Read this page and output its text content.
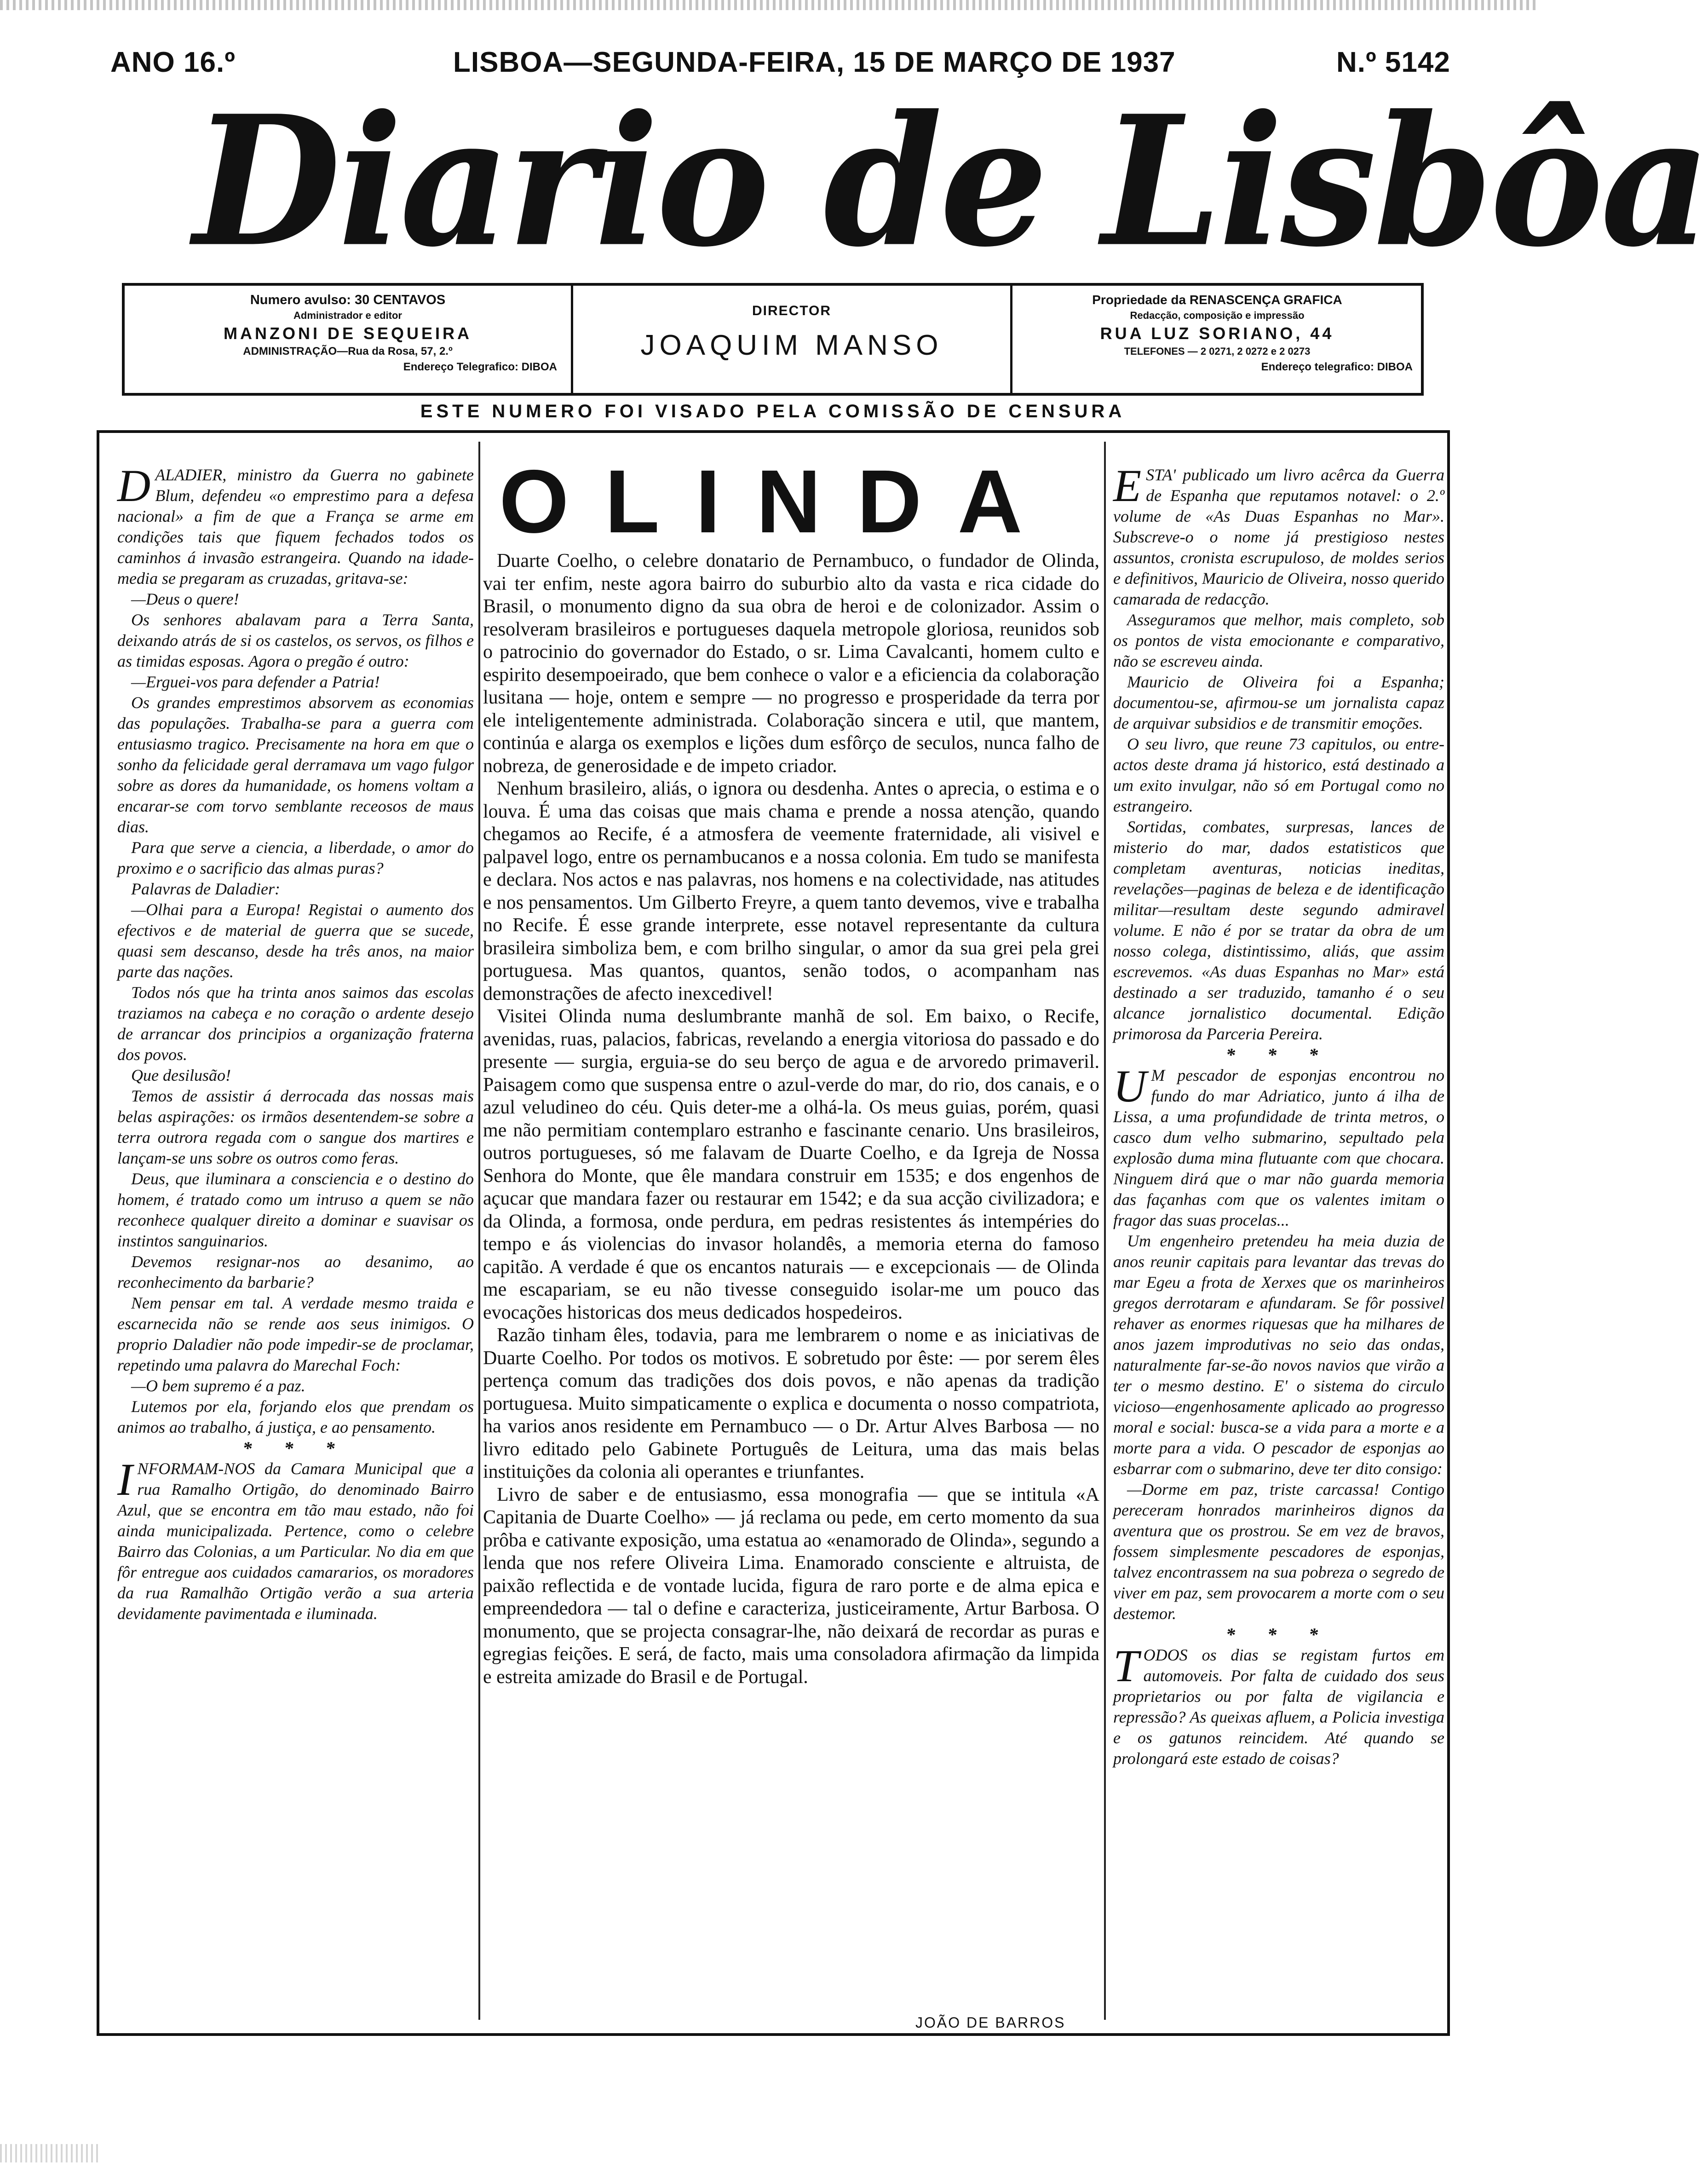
ANO 16.º	LISBOA—SEGUNDA-FEIRA, 15 DE MARÇO DE 1937	N.º 5142
Diario de Lisbôa
Numero avulso: 30 CENTAVOS
Administrador e editor
MANZONI DE SEQUEIRA
ADMINISTRAÇÃO—Rua da Rosa, 57, 2.º
Endereço Telegrafico: DIBOA
DIRECTOR
JOAQUIM MANSO
Propriedade da RENASCENÇA GRAFICA
Redacção, composição e impressão
RUA LUZ SORIANO, 44
TELEFONES — 2 0271, 2 0272 e 2 0273
Endereço telegrafico: DIBOA
ESTE NUMERO FOI VISADO PELA COMISSÃO DE CENSURA

DALADIER, ministro da Guerra no gabinete Blum, defendeu «o emprestimo para a defesa nacional» a fim de que a França se arme em condições tais que fiquem fechados todos os caminhos á invasão estrangeira. Quando na idade-media se pregaram as cruzadas, gritava-se:

—Deus o quere!

Os senhores abalavam para a Terra Santa, deixando atrás de si os castelos, os servos, os filhos e as timidas esposas. Agora o pregão é outro:

—Erguei-vos para defender a Patria!

Os grandes emprestimos absorvem as economias das populações. Trabalha-se para a guerra com entusiasmo tragico. Precisamente na hora em que o sonho da felicidade geral derramava um vago fulgor sobre as dores da humanidade, os homens voltam a encarar-se com torvo semblante receosos de maus dias.

Para que serve a ciencia, a liberdade, o amor do proximo e o sacrificio das almas puras?

Palavras de Daladier:

—Olhai para a Europa! Registai o aumento dos efectivos e de material de guerra que se sucede, quasi sem descanso, desde ha três anos, na maior parte das nações.

Todos nós que ha trinta anos saimos das escolas traziamos na cabeça e no coração o ardente desejo de arrancar dos principios a organização fraterna dos povos.

Que desilusão!

Temos de assistir á derrocada das nossas mais belas aspirações: os irmãos desentendem-se sobre a terra outrora regada com o sangue dos martires e lançam-se uns sobre os outros como feras.

Deus, que iluminara a consciencia e o destino do homem, é tratado como um intruso a quem se não reconhece qualquer direito a dominar e suavisar os instintos sanguinarios.

Devemos resignar-nos ao desanimo, ao reconhecimento da barbarie?

Nem pensar em tal. A verdade mesmo traida e escarnecida não se rende aos seus inimigos. O proprio Daladier não pode impedir-se de proclamar, repetindo uma palavra do Marechal Foch:

—O bem supremo é a paz.

Lutemos por ela, forjando elos que prendam os animos ao trabalho, á justiça, e ao pensamento.

* * *

INFORMAM-NOS da Camara Municipal que a rua Ramalho Ortigão, do denominado Bairro Azul, que se encontra em tão mau estado, não foi ainda municipalizada. Pertence, como o celebre Bairro das Colonias, a um Particular. No dia em que fôr entregue aos cuidados camararios, os moradores da rua Ramalhão Ortigão verão a sua arteria devidamente pavimentada e iluminada.

OLINDA

Duarte Coelho, o celebre donatario de Pernambuco, o fundador de Olinda, vai ter enfim, neste agora bairro do suburbio alto da vasta e rica cidade do Brasil, o monumento digno da sua obra de heroi e de colonizador. Assim o resolveram brasileiros e portugueses daquela metropole gloriosa, reunidos sob o patrocinio do governador do Estado, o sr. Lima Cavalcanti, homem culto e espirito desempoeirado, que bem conhece o valor e a eficiencia da colaboração lusitana — hoje, ontem e sempre — no progresso e prosperidade da terra por ele inteligentemente administrada. Colaboração sincera e util, que mantem, continúa e alarga os exemplos e lições dum esfôrço de seculos, nunca falho de nobreza, de generosidade e de impeto criador.

Nenhum brasileiro, aliás, o ignora ou desdenha. Antes o aprecia, o estima e o louva. É uma das coisas que mais chama e prende a nossa atenção, quando chegamos ao Recife, é a atmosfera de veemente fraternidade, ali visivel e palpavel logo, entre os pernambucanos e a nossa colonia. Em tudo se manifesta e declara. Nos actos e nas palavras, nos homens e na colectividade, nas atitudes e nos pensamentos. Um Gilberto Freyre, a quem tanto devemos, vive e trabalha no Recife. É esse grande interprete, esse notavel representante da cultura brasileira simboliza bem, e com brilho singular, o amor da sua grei pela grei portuguesa. Mas quantos, quantos, senão todos, o acompanham nas demonstrações de afecto inexcedivel!

Visitei Olinda numa deslumbrante manhã de sol. Em baixo, o Recife, avenidas, ruas, palacios, fabricas, revelando a energia vitoriosa do passado e do presente — surgia, erguia-se do seu berço de agua e de arvoredo primaveril. Paisagem como que suspensa entre o azul-verde do mar, do rio, dos canais, e o azul veludineo do céu. Quis deter-me a olhá-la. Os meus guias, porém, quasi me não permitiam contemplaro estranho e fascinante cenario. Uns brasileiros, outros portugueses, só me falavam de Duarte Coelho, e da Igreja de Nossa Senhora do Monte, que êle mandara construir em 1535; e dos engenhos de açucar que mandara fazer ou restaurar em 1542; e da sua acção civilizadora; e da Olinda, a formosa, onde perdura, em pedras resistentes ás intempéries do tempo e ás violencias do invasor holandês, a memoria eterna do famoso capitão. A verdade é que os encantos naturais — e excepcionais — de Olinda me escapariam, se eu não tivesse conseguido isolar-me um pouco das evocações historicas dos meus dedicados hospedeiros.

Razão tinham êles, todavia, para me lembrarem o nome e as iniciativas de Duarte Coelho. Por todos os motivos. E sobretudo por êste: — por serem êles pertença comum das tradições dos dois povos, e não apenas da tradição portuguesa. Muito simpaticamente o explica e documenta o nosso compatriota, ha varios anos residente em Pernambuco — o Dr. Artur Alves Barbosa — no livro editado pelo Gabinete Português de Leitura, uma das mais belas instituições da colonia ali operantes e triunfantes.

Livro de saber e de entusiasmo, essa monografia — que se intitula «A Capitania de Duarte Coelho» — já reclama ou pede, em certo momento da sua prôba e cativante exposição, uma estatua ao «enamorado de Olinda», segundo a lenda que nos refere Oliveira Lima. Enamorado consciente e altruista, de paixão reflectida e de vontade lucida, figura de raro porte e de alma epica e empreendedora — tal o define e caracteriza, justiceiramente, Artur Barbosa. O monumento, que se projecta consagrar-lhe, não deixará de recordar as puras e egregias feições. E será, de facto, mais uma consoladora afirmação da limpida e estreita amizade do Brasil e de Portugal.

JOÃO DE BARROS

ESTA' publicado um livro acêrca da Guerra de Espanha que reputamos notavel: o 2.º volume de «As Duas Espanhas no Mar». Subscreve-o o nome já prestigioso nestes assuntos, cronista escrupuloso, de moldes serios e definitivos, Mauricio de Oliveira, nosso querido camarada de redacção.

Asseguramos que melhor, mais completo, sob os pontos de vista emocionante e comparativo, não se escreveu ainda.

Mauricio de Oliveira foi a Espanha; documentou-se, afirmou-se um jornalista capaz de arquivar subsidios e de transmitir emoções.

O seu livro, que reune 73 capitulos, ou entre-actos deste drama já historico, está destinado a um exito invulgar, não só em Portugal como no estrangeiro.

Sortidas, combates, surpresas, lances de misterio do mar, dados estatisticos que completam aventuras, noticias ineditas, revelações—paginas de beleza e de identificação militar—resultam deste segundo admiravel volume. E não é por se tratar da obra de um nosso colega, distintissimo, aliás, que assim escrevemos. «As duas Espanhas no Mar» está destinado a ser traduzido, tamanho é o seu alcance jornalistico documental. Edição primorosa da Parceria Pereira.

* * *

U M pescador de esponjas encontrou no fundo do mar Adriatico, junto á ilha de Lissa, a uma profundidade de trinta metros, o casco dum velho submarino, sepultado pela explosão duma mina flutuante com que chocara. Ninguem dirá que o mar não guarda memoria das façanhas com que os valentes imitam o fragor das suas procelas...

Um engenheiro pretendeu ha meia duzia de anos reunir capitais para levantar das trevas do mar Egeu a frota de Xerxes que os marinheiros gregos derrotaram e afundaram. Se fôr possivel rehaver as enormes riquesas que ha milhares de anos jazem improdutivas no seio das ondas, naturalmente far-se-ão novos navios que virão a ter o mesmo destino. E' o sistema do circulo vicioso—engenhosamente aplicado ao progresso moral e social: busca-se a vida para a morte e a morte para a vida. O pescador de esponjas ao esbarrar com o submarino, deve ter dito consigo:

—Dorme em paz, triste carcassa! Contigo pereceram honrados marinheiros dignos da aventura que os prostrou. Se em vez de bravos, fossem simplesmente pescadores de esponjas, talvez encontrassem na sua pobreza o segredo de viver em paz, sem provocarem a morte com o seu destemor.

* * *

TODOS os dias se registam furtos em automoveis. Por falta de cuidado dos seus proprietarios ou por falta de vigilancia e repressão? As queixas afluem, a Policia investiga e os gatunos reincidem. Até quando se prolongará este estado de coisas?
